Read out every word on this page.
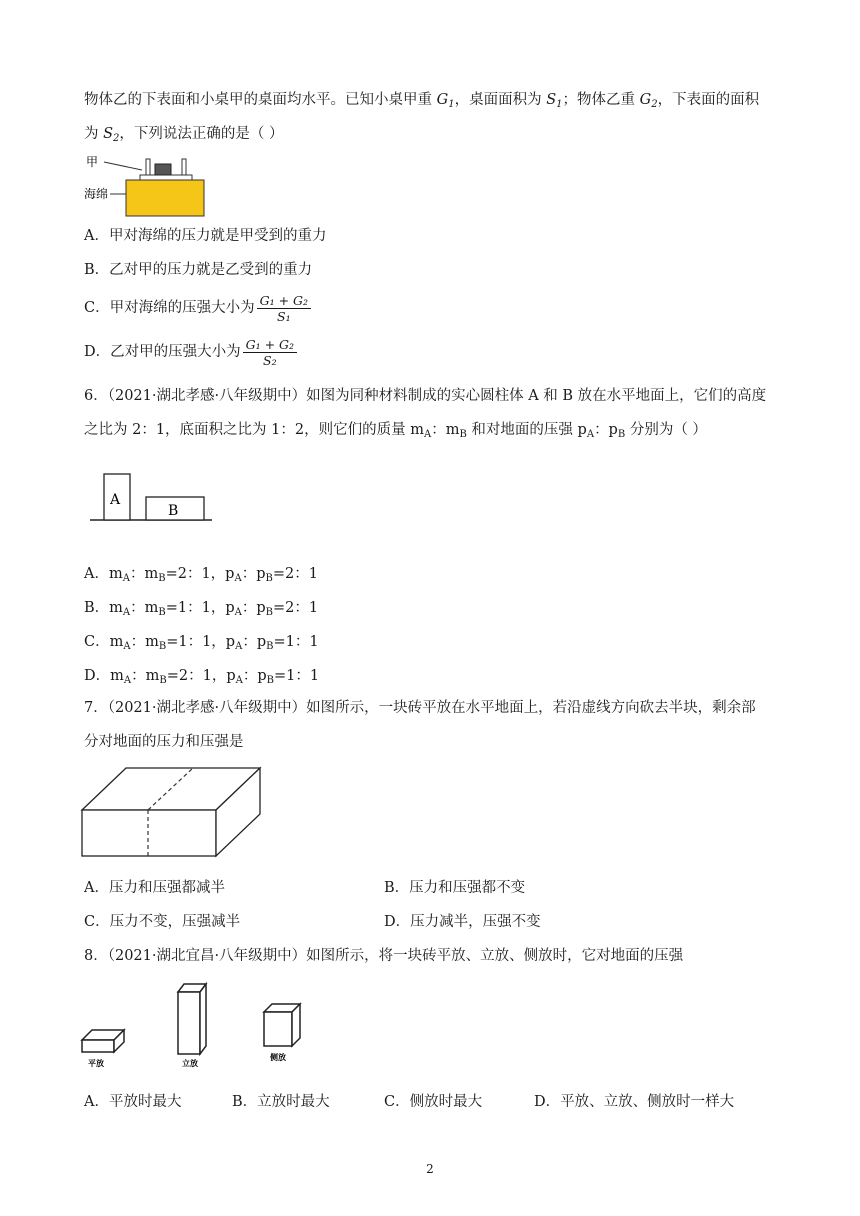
物体乙的下表面和小桌甲的桌面均水平。已知小桌甲重 $G_1$，桌面面积为 $S_1$；物体乙重 $G_2$，下表面的面积
为 $S_2$，下列说法正确的是（ ）
甲
海绵
A．甲对海绵的压力就是甲受到的重力
B．乙对甲的压力就是乙受到的重力
C．甲对海绵的压强大小为 $\frac{\text{G₁ + G₂}}{\text{S₁}}$
D．乙对甲的压强大小为 $\frac{\text{G₁ + G₂}}{\text{S₂}}$
6．（2021·湖北孝感·八年级期中）如图为同种材料制成的实心圆柱体 A 和 B 放在水平地面上，它们的高度
之比为 2：1，底面积之比为 1：2，则它们的质量 $m_A$：$m_B$ 和对地面的压强 $p_A$：$p_B$ 分别为（ ）
A
B
A．$m_A$：$m_B=2$：1，$p_A$：$p_B=2$：1
B．$m_A$：$m_B=1$：1，$p_A$：$p_B=2$：1
C．$m_A$：$m_B=1$：1，$p_A$：$p_B=1$：1
D．$m_A$：$m_B=2$：1，$p_A$：$p_B=1$：1
7．（2021·湖北孝感·八年级期中）如图所示，一块砖平放在水平地面上，若沿虚线方向砍去半块，剩余部
分对地面的压力和压强是
A．压力和压强都减半	B．压力和压强都不变
C．压力不变，压强减半	D．压力减半，压强不变
8．（2021·湖北宜昌·八年级期中）如图所示，将一块砖平放、立放、侧放时，它对地面的压强
平放	立放
侧放
A．平放时最大	B．立放时最大	C．侧放时最大	D．平放、立放、侧放时一样大
2
